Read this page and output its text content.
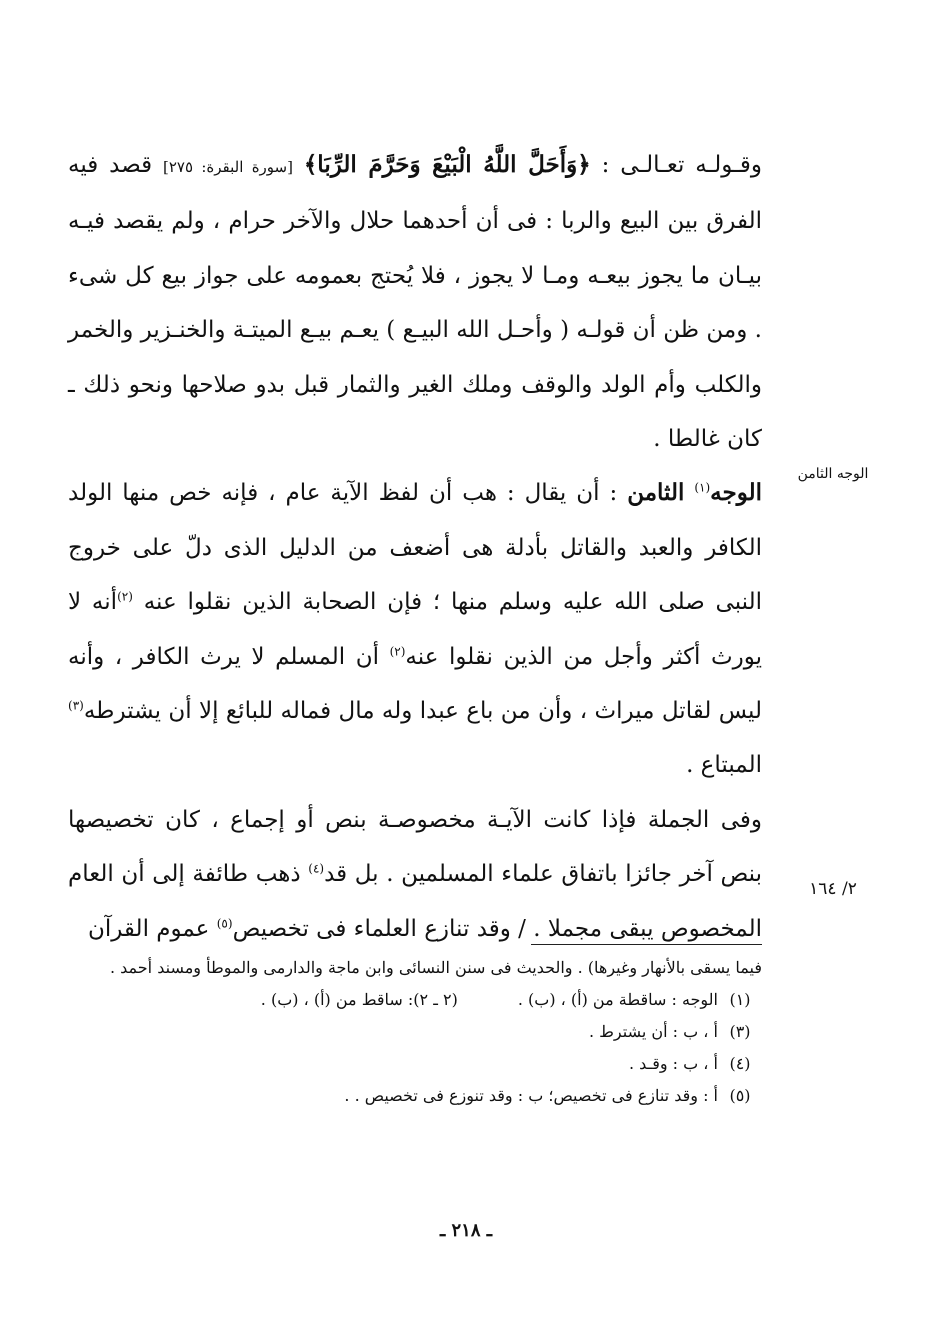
الوجه الثامن
٢/ ١٦٤

وقـولـه تعـالـى : ﴿وَأَحَلَّ اللَّهُ الْبَيْعَ وَحَرَّمَ الرِّبَا﴾ [سورة البقرة: ٢٧٥] قصد فيه الفرق بين البيع والربا : فى أن أحدهما حلال والآخر حرام ، ولم يقصد فيـه بيـان ما يجوز بيعـه ومـا لا يجوز ، فلا يُحتج بعمومه على جواز بيع كل شىء . ومن ظن أن قولـه ( وأحـل الله البيـع ) يعـم بيـع الميتـة والخنـزير والخمر والكلب وأم الولد والوقف وملك الغير والثمار قبل بدو صلاحها ونحو ذلك ـ كان غالطا .

الوجه$^{(١)}$ الثامن : أن يقال : هب أن لفظ الآية عام ، فإنه خص منها الولد الكافر والعبد والقاتل بأدلة هى أضعف من الدليل الذى دلّ على خروج النبى صلى الله عليه وسلم منها ؛ فإن الصحابة الذين نقلوا عنه $^{(٢)}$أنه لا يورث أكثر وأجل من الذين نقلوا عنه$^{(٢)}$ أن المسلم لا يرث الكافر ، وأنه ليس لقاتل ميراث ، وأن من باع عبدا وله مال فماله للبائع إلا أن يشترطه$^{(٣)}$ المبتاع .

وفى الجملة فإذا كانت الآيـة مخصوصـة بنص أو إجماع ، كان تخصيصها بنص آخر جائزا باتفاق علماء المسلمين . بل قد$^{(٤)}$ ذهب طائفة إلى أن العام المخصوص يبقى مجملا . / وقد تنازع العلماء فى تخصيص$^{(٥)}$ عموم القرآن

فيما يسقى بالأنهار وغيرها) . والحديث فى سنن النسائى وابن ماجة والدارمى والموطأ ومسند أحمد .

(١)
الوجه : ساقطة من (أ) ، (ب) .
(٢ ـ ٢)
: ساقط من (أ) ، (ب) .

(٣)
أ ، ب : أن يشترط .

(٤)
أ ، ب : وقـد .

(٥)
أ : وقد تنازع فى تخصيص؛ ب : وقد تنوزع فى تخصيص . .

ـ ٢١٨ ـ
